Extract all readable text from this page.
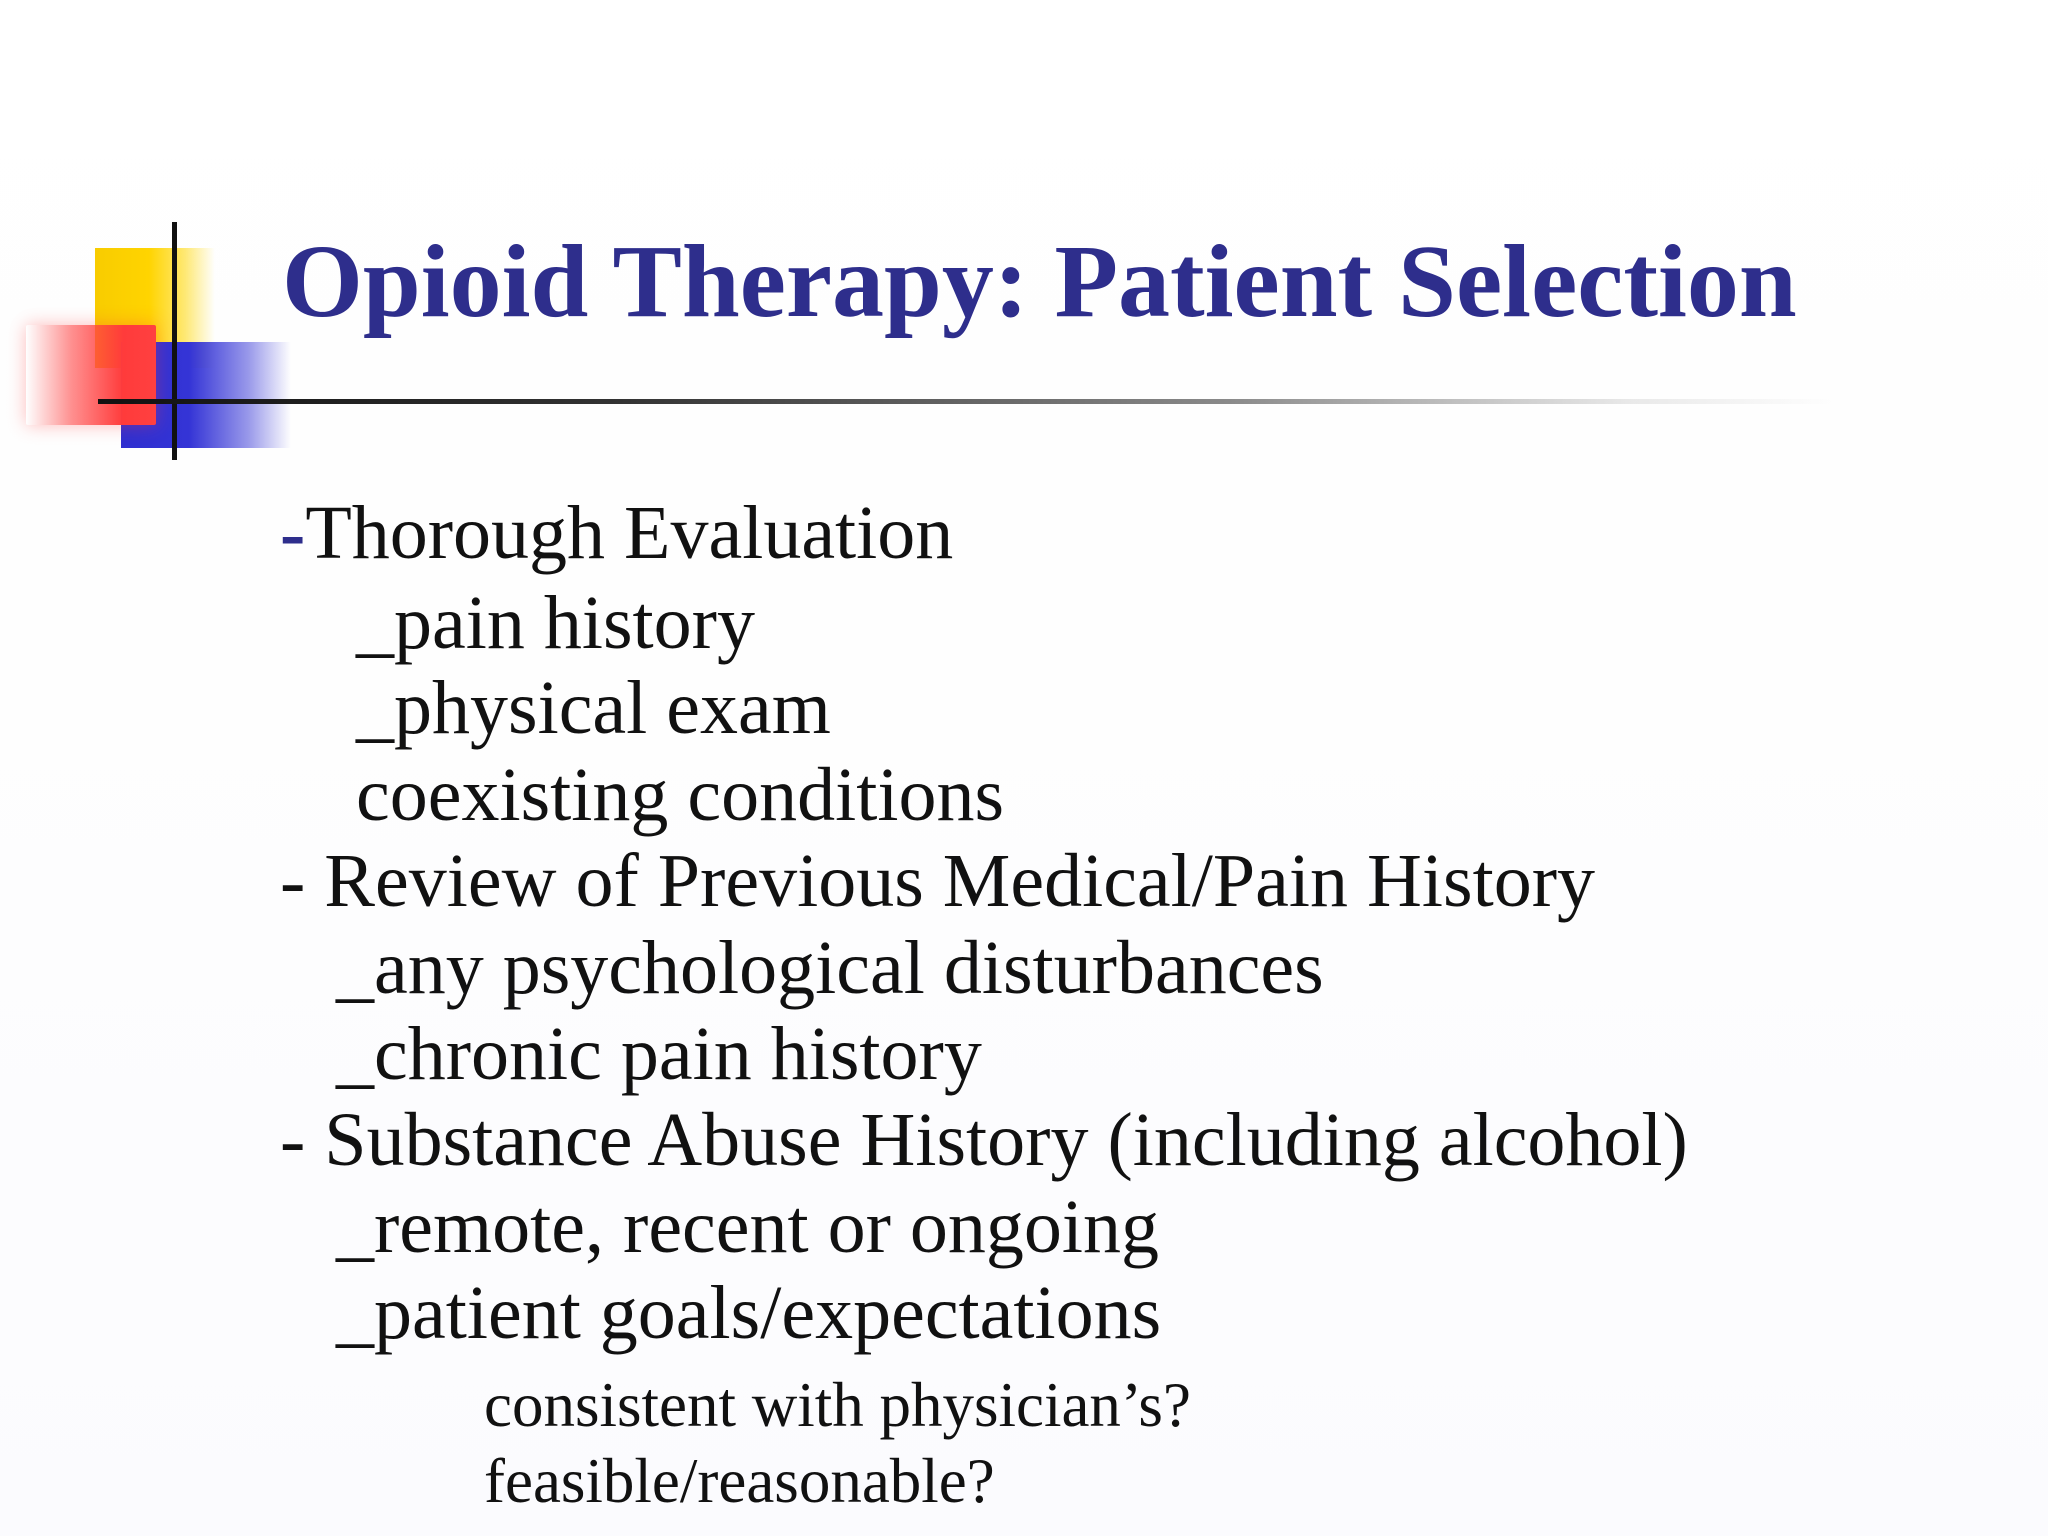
Opioid Therapy: Patient Selection
-Thorough Evaluation
_pain history
_physical exam
coexisting conditions
- Review of Previous Medical/Pain History
_any psychological disturbances
_chronic pain history
- Substance Abuse History (including alcohol)
_remote, recent or ongoing
_patient goals/expectations
consistent with physician’s?
feasible/reasonable?
